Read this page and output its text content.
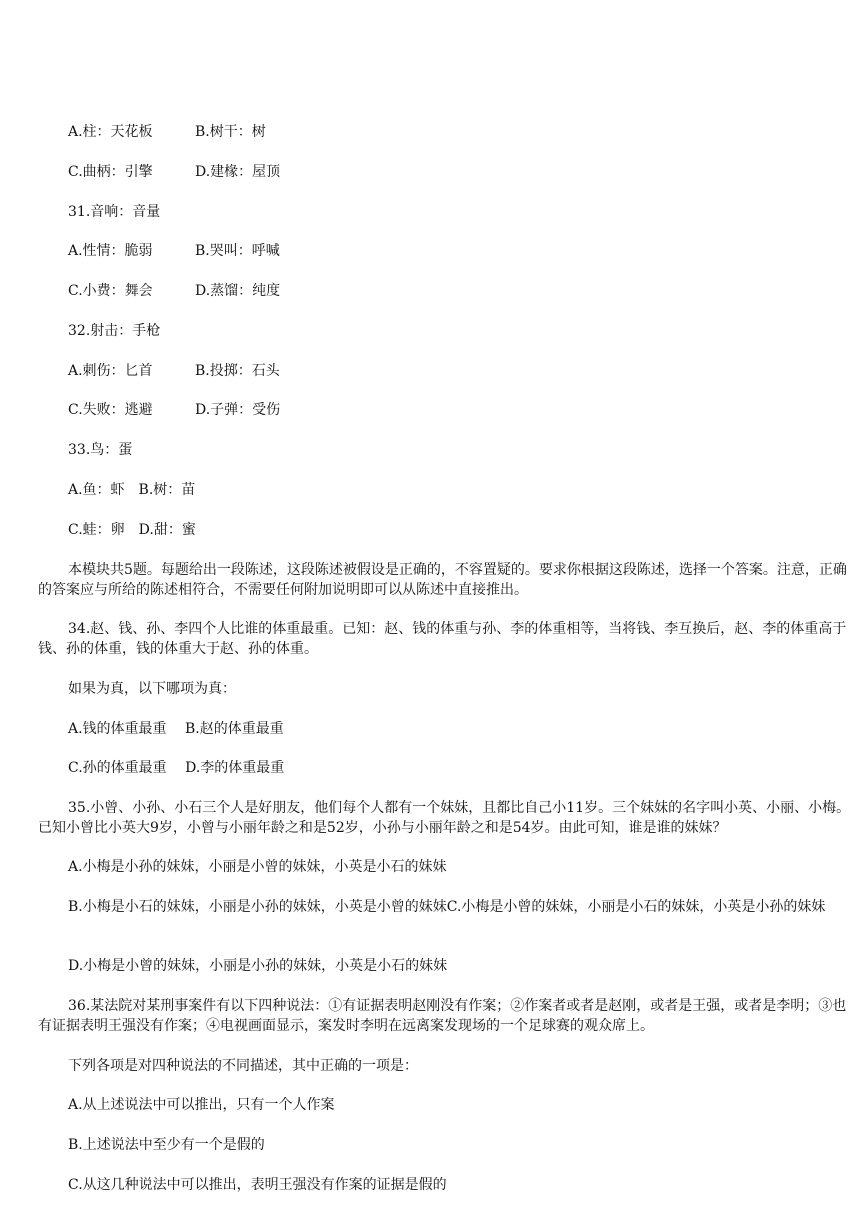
A.柱：天花板	B.树干：树
C.曲柄：引擎	D.建椽：屋顶
31.音响：音量
A.性情：脆弱	B.哭叫：呼喊
C.小费：舞会	D.蒸馏：纯度
32.射击：手枪
A.刺伤：匕首	B.投掷：石头
C.失败：逃避	D.子弹：受伤
33.鸟：蛋
A.鱼：虾　B.树：苗
C.蛙：卵　D.甜：蜜
本模块共5题。每题给出一段陈述，这段陈述被假设是正确的，不容置疑的。要求你根据这段陈述，选择一个答案。注意，正确的答案应与所给的陈述相符合，不需要任何附加说明即可以从陈述中直接推出。
34.赵、钱、孙、李四个人比谁的体重最重。已知：赵、钱的体重与孙、李的体重相等，当将钱、李互换后，赵、李的体重高于钱、孙的体重，钱的体重大于赵、孙的体重。
如果为真，以下哪项为真：
A.钱的体重最重　 B.赵的体重最重
C.孙的体重最重　 D.李的体重最重
35.小曾、小孙、小石三个人是好朋友，他们每个人都有一个妹妹，且都比自己小11岁。三个妹妹的名字叫小英、小丽、小梅。已知小曾比小英大9岁，小曾与小丽年龄之和是52岁，小孙与小丽年龄之和是54岁。由此可知，谁是谁的妹妹？
A.小梅是小孙的妹妹，小丽是小曾的妹妹，小英是小石的妹妹
B.小梅是小石的妹妹，小丽是小孙的妹妹，小英是小曾的妹妹C.小梅是小曾的妹妹，小丽是小石的妹妹，小英是小孙的妹妹
D.小梅是小曾的妹妹，小丽是小孙的妹妹，小英是小石的妹妹
36.某法院对某刑事案件有以下四种说法：①有证据表明赵刚没有作案；②作案者或者是赵刚，或者是王强，或者是李明；③也有证据表明王强没有作案；④电视画面显示，案发时李明在远离案发现场的一个足球赛的观众席上。
下列各项是对四种说法的不同描述，其中正确的一项是：
A.从上述说法中可以推出，只有一个人作案
B.上述说法中至少有一个是假的
C.从这几种说法中可以推出，表明王强没有作案的证据是假的
